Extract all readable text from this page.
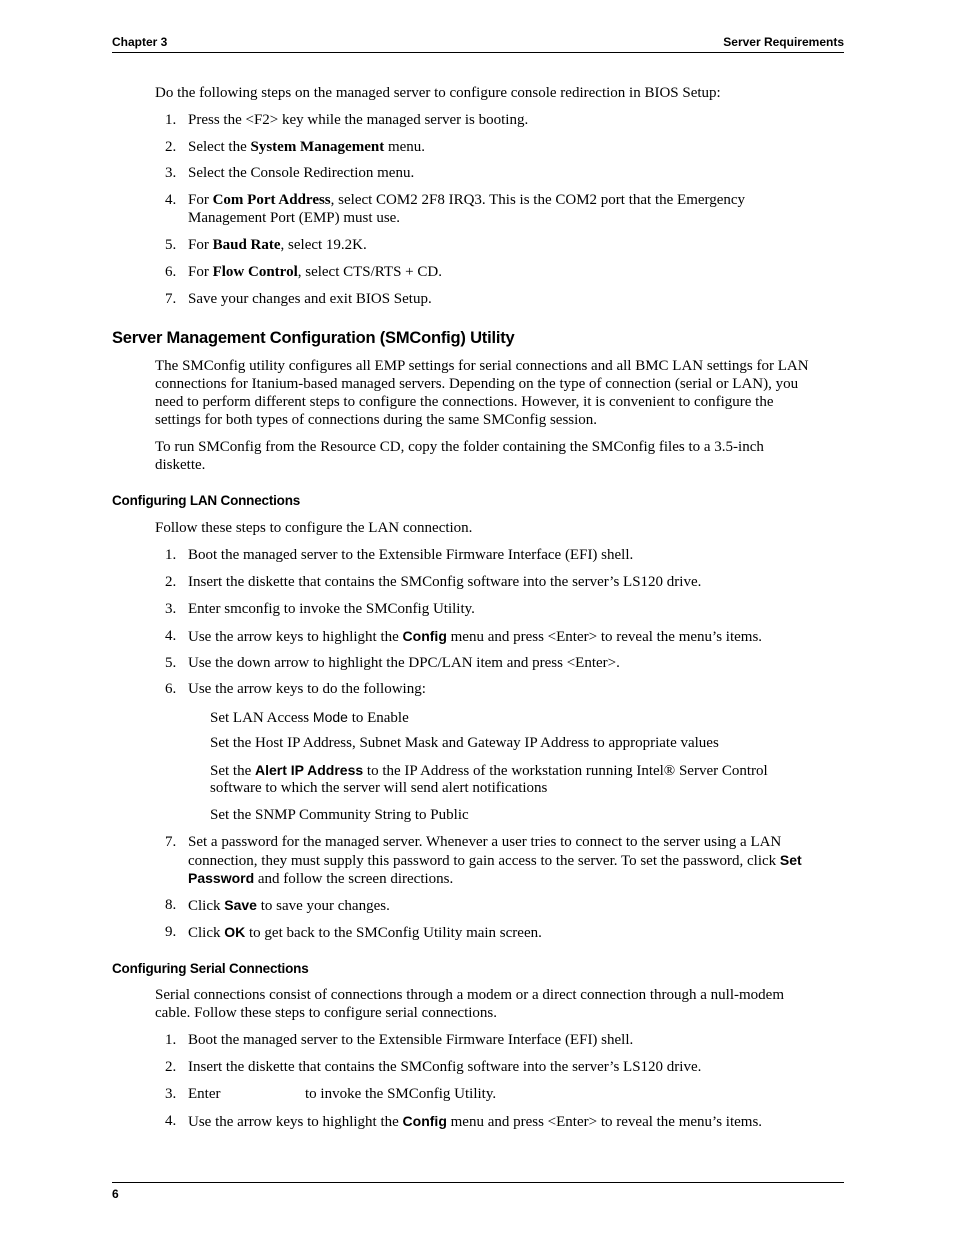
Chapter 3	Server Requirements
Do the following steps on the managed server to configure console redirection in BIOS Setup:
1. Press the <F2> key while the managed server is booting.
2. Select the System Management menu.
3. Select the Console Redirection menu.
4. For Com Port Address, select COM2 2F8 IRQ3. This is the COM2 port that the Emergency
Management Port (EMP) must use.
5. For Baud Rate, select 19.2K.
6. For Flow Control, select CTS/RTS + CD.
7. Save your changes and exit BIOS Setup.
Server Management Configuration (SMConfig) Utility
The SMConfig utility configures all EMP settings for serial connections and all BMC LAN settings for LAN
connections for Itanium-based managed servers. Depending on the type of connection (serial or LAN), you
need to perform different steps to configure the connections. However, it is convenient to configure the
settings for both types of connections during the same SMConfig session.
To run SMConfig from the Resource CD, copy the folder containing the SMConfig files to a 3.5-inch
diskette.
Configuring LAN Connections
Follow these steps to configure the LAN connection.
1. Boot the managed server to the Extensible Firmware Interface (EFI) shell.
2. Insert the diskette that contains the SMConfig software into the server’s LS120 drive.
3. Enter smconfig to invoke the SMConfig Utility.
4. Use the arrow keys to highlight the Config menu and press <Enter> to reveal the menu’s items.
5. Use the down arrow to highlight the DPC/LAN item and press <Enter>.
6. Use the arrow keys to do the following:
Set LAN Access Mode to Enable
Set the Host IP Address, Subnet Mask and Gateway IP Address to appropriate values
Set the Alert IP Address to the IP Address of the workstation running Intel® Server Control
software to which the server will send alert notifications
Set the SNMP Community String to Public
7. Set a password for the managed server. Whenever a user tries to connect to the server using a LAN
connection, they must supply this password to gain access to the server. To set the password, click Set
Password and follow the screen directions.
8. Click Save to save your changes.
9. Click OK to get back to the SMConfig Utility main screen.
Configuring Serial Connections
Serial connections consist of connections through a modem or a direct connection through a null-modem
cable. Follow these steps to configure serial connections.
1. Boot the managed server to the Extensible Firmware Interface (EFI) shell.
2. Insert the diskette that contains the SMConfig software into the server’s LS120 drive.
3. Enter	to invoke the SMConfig Utility.
4. Use the arrow keys to highlight the Config menu and press <Enter> to reveal the menu’s items.
6
